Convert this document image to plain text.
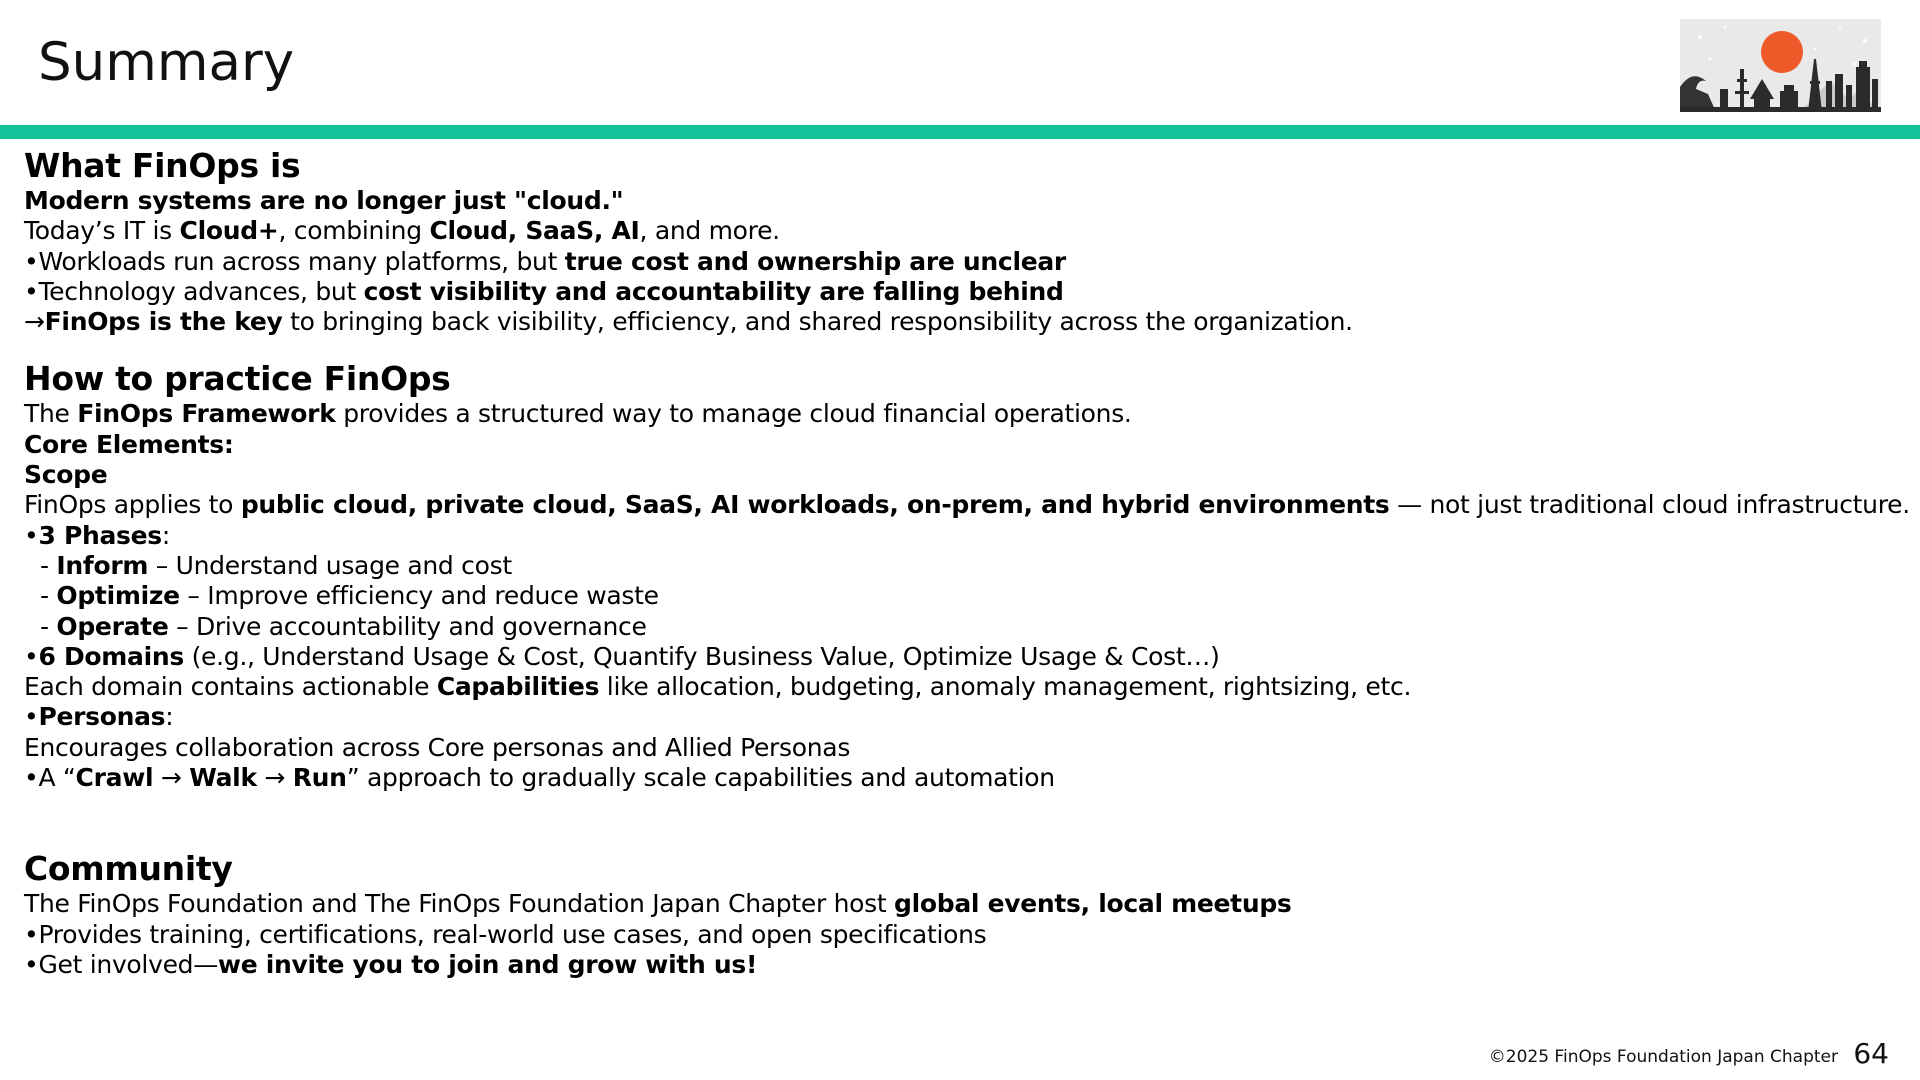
Summary
What FinOps is
Modern systems are no longer just "cloud."
Today’s IT is Cloud+, combining Cloud, SaaS, AI, and more.
•Workloads run across many platforms, but true cost and ownership are unclear
•Technology advances, but cost visibility and accountability are falling behind
→FinOps is the key to bringing back visibility, efficiency, and shared responsibility across the organization.
How to practice FinOps
The FinOps Framework provides a structured way to manage cloud financial operations.
Core Elements:
Scope
FinOps applies to public cloud, private cloud, SaaS, AI workloads, on-prem, and hybrid environments — not just traditional cloud infrastructure.
•3 Phases:
- Inform – Understand usage and cost
- Optimize – Improve efficiency and reduce waste
- Operate – Drive accountability and governance
•6 Domains (e.g., Understand Usage & Cost, Quantify Business Value, Optimize Usage & Cost…)
Each domain contains actionable Capabilities like allocation, budgeting, anomaly management, rightsizing, etc.
•Personas:
Encourages collaboration across Core personas and Allied Personas
•A “Crawl → Walk → Run” approach to gradually scale capabilities and automation
Community
The FinOps Foundation and The FinOps Foundation Japan Chapter host global events, local meetups
•Provides training, certifications, real-world use cases, and open specifications
•Get involved—we invite you to join and grow with us!
©2025 FinOps Foundation Japan Chapter 64
